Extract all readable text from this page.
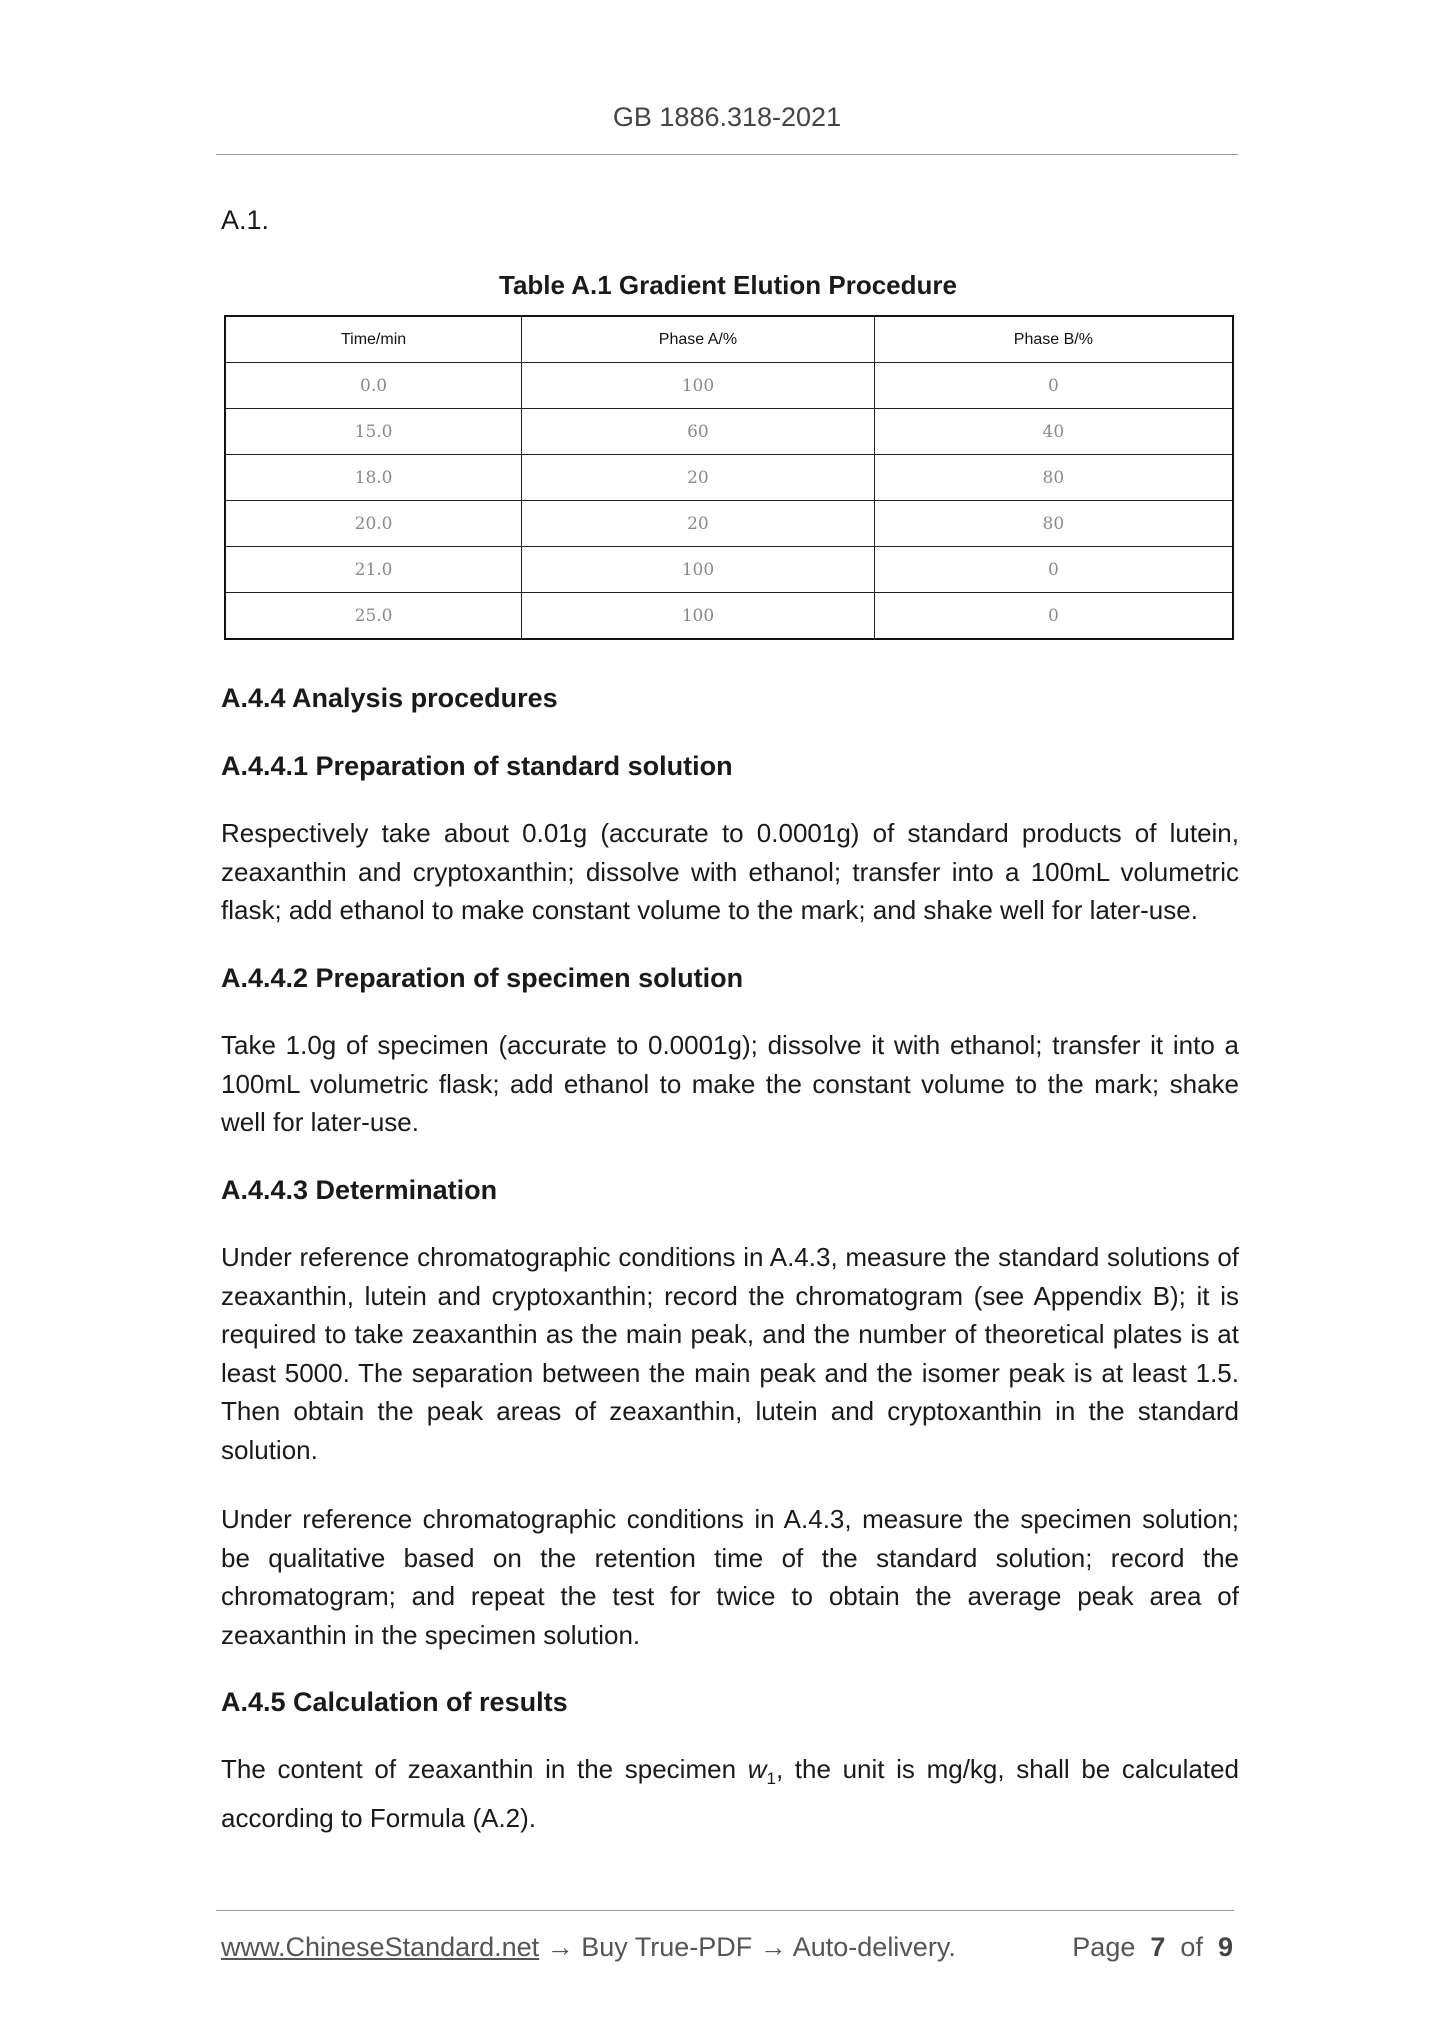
GB 1886.318-2021
A.1.
Table A.1 Gradient Elution Procedure
Time/min	Phase A/%	Phase B/%
0.0	100	0
15.0	60	40
18.0	20	80
20.0	20	80
21.0	100	0
25.0	100	0
A.4.4 Analysis procedures
A.4.4.1 Preparation of standard solution

Respectively take about 0.01g (accurate to 0.0001g) of standard products of lutein, zeaxanthin and cryptoxanthin; dissolve with ethanol; transfer into a 100mL volumetric flask; add ethanol to make constant volume to the mark; and shake well for later-use.

A.4.4.2 Preparation of specimen solution

Take 1.0g of specimen (accurate to 0.0001g); dissolve it with ethanol; transfer it into a 100mL volumetric flask; add ethanol to make the constant volume to the mark; shake well for later-use.

A.4.4.3 Determination

Under reference chromatographic conditions in A.4.3, measure the standard solutions of zeaxanthin, lutein and cryptoxanthin; record the chromatogram (see Appendix B); it is required to take zeaxanthin as the main peak, and the number of theoretical plates is at least 5000. The separation between the main peak and the isomer peak is at least 1.5. Then obtain the peak areas of zeaxanthin, lutein and cryptoxanthin in the standard solution.

Under reference chromatographic conditions in A.4.3, measure the specimen solution; be qualitative based on the retention time of the standard solution; record the chromatogram; and repeat the test for twice to obtain the average peak area of zeaxanthin in the specimen solution.

A.4.5 Calculation of results

The content of zeaxanthin in the specimen $w_1$, the unit is mg/kg, shall be calculated according to Formula (A.2).

www.ChineseStandard.net → Buy True-PDF → Auto-delivery.	Page 7 of 9
